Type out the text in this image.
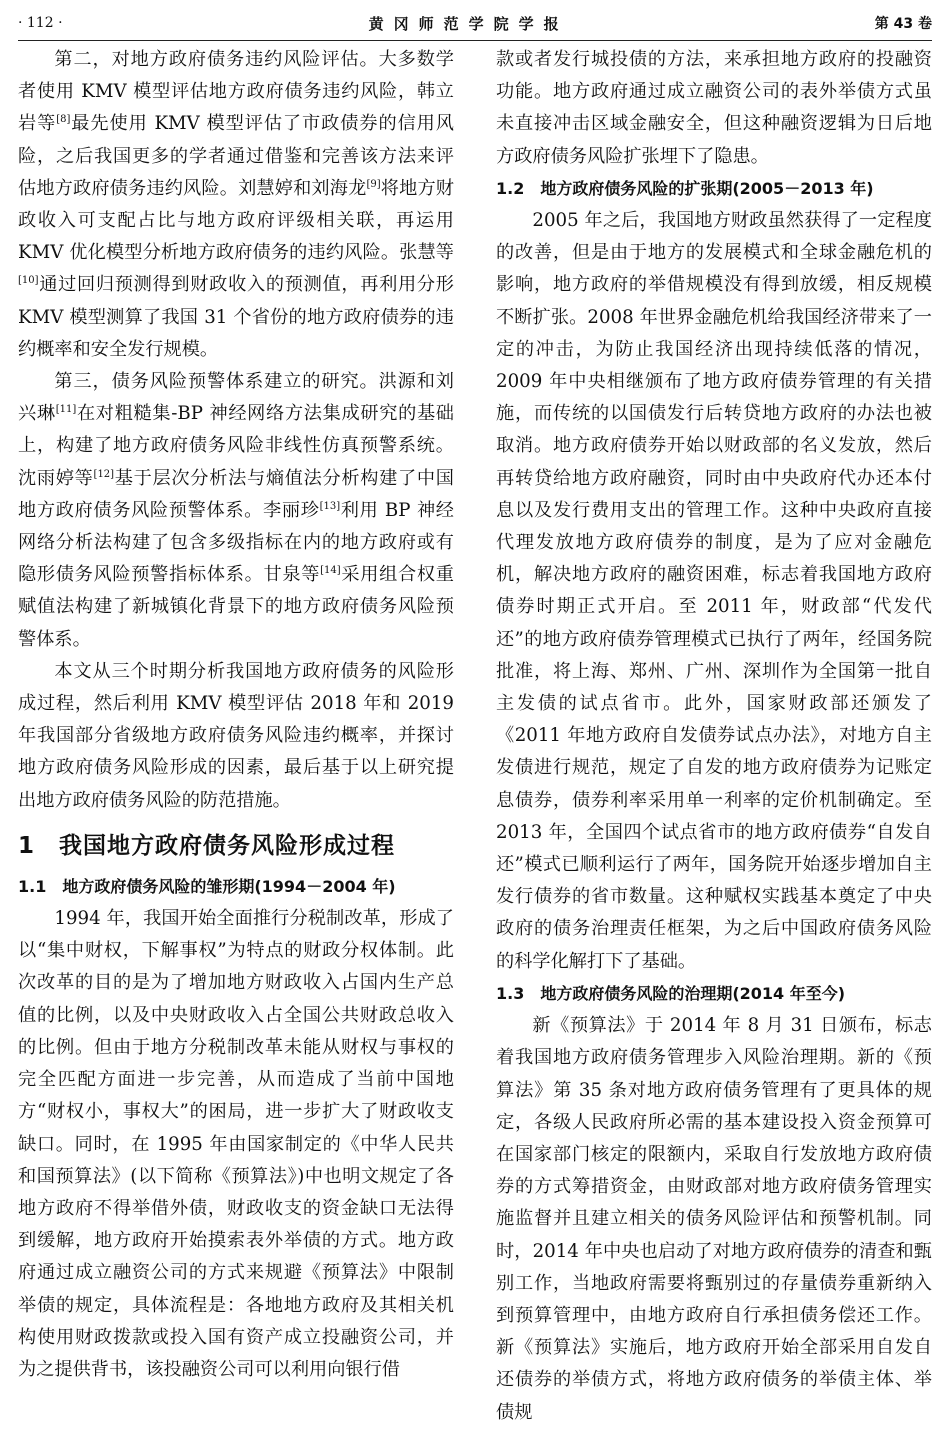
· 112 ·	黄冈师范学院学报	第 43 卷

第二，对地方政府债务违约风险评估。大多数学者使用 KMV 模型评估地方政府债务违约风险，韩立岩等[8]最先使用 KMV 模型评估了市政债券的信用风险，之后我国更多的学者通过借鉴和完善该方法来评估地方政府债务违约风险。刘慧婷和刘海龙[9]将地方财政收入可支配占比与地方政府评级相关联，再运用 KMV 优化模型分析地方政府债务的违约风险。张慧等[10]通过回归预测得到财政收入的预测值，再利用分形 KMV 模型测算了我国 31 个省份的地方政府债券的违约概率和安全发行规模。

第三，债务风险预警体系建立的研究。洪源和刘兴琳[11]在对粗糙集-BP 神经网络方法集成研究的基础上，构建了地方政府债务风险非线性仿真预警系统。沈雨婷等[12]基于层次分析法与熵值法分析构建了中国地方政府债务风险预警体系。李丽珍[13]利用 BP 神经网络分析法构建了包含多级指标在内的地方政府或有隐形债务风险预警指标体系。甘泉等[14]采用组合权重赋值法构建了新城镇化背景下的地方政府债务风险预警体系。

本文从三个时期分析我国地方政府债务的风险形成过程，然后利用 KMV 模型评估 2018 年和 2019 年我国部分省级地方政府债务风险违约概率，并探讨地方政府债务风险形成的因素，最后基于以上研究提出地方政府债务风险的防范措施。

1　我国地方政府债务风险形成过程
1.1　地方政府债务风险的雏形期(1994－2004 年)

1994 年，我国开始全面推行分税制改革，形成了以“集中财权，下解事权”为特点的财政分权体制。此次改革的目的是为了增加地方财政收入占国内生产总值的比例，以及中央财政收入占全国公共财政总收入的比例。但由于地方分税制改革未能从财权与事权的完全匹配方面进一步完善，从而造成了当前中国地方“财权小，事权大”的困局，进一步扩大了财政收支缺口。同时，在 1995 年由国家制定的《中华人民共和国预算法》(以下简称《预算法》)中也明文规定了各地方政府不得举借外债，财政收支的资金缺口无法得到缓解，地方政府开始摸索表外举债的方式。地方政府通过成立融资公司的方式来规避《预算法》中限制举债的规定，具体流程是：各地地方政府及其相关机构使用财政拨款或投入国有资产成立投融资公司，并为之提供背书，该投融资公司可以利用向银行借

款或者发行城投债的方法，来承担地方政府的投融资功能。地方政府通过成立融资公司的表外举债方式虽未直接冲击区域金融安全，但这种融资逻辑为日后地方政府债务风险扩张埋下了隐患。

1.2　地方政府债务风险的扩张期(2005－2013 年)

2005 年之后，我国地方财政虽然获得了一定程度的改善，但是由于地方的发展模式和全球金融危机的影响，地方政府的举借规模没有得到放缓，相反规模不断扩张。2008 年世界金融危机给我国经济带来了一定的冲击，为防止我国经济出现持续低落的情况，2009 年中央相继颁布了地方政府债券管理的有关措施，而传统的以国债发行后转贷地方政府的办法也被取消。地方政府债券开始以财政部的名义发放，然后再转贷给地方政府融资，同时由中央政府代办还本付息以及发行费用支出的管理工作。这种中央政府直接代理发放地方政府债券的制度，是为了应对金融危机，解决地方政府的融资困难，标志着我国地方政府债券时期正式开启。至 2011 年，财政部“代发代还”的地方政府债券管理模式已执行了两年，经国务院批准，将上海、郑州、广州、深圳作为全国第一批自主发债的试点省市。此外，国家财政部还颁发了《2011 年地方政府自发债券试点办法》，对地方自主发债进行规范，规定了自发的地方政府债券为记账定息债券，债券利率采用单一利率的定价机制确定。至 2013 年，全国四个试点省市的地方政府债券“自发自还”模式已顺利运行了两年，国务院开始逐步增加自主发行债券的省市数量。这种赋权实践基本奠定了中央政府的债务治理责任框架，为之后中国政府债务风险的科学化解打下了基础。

1.3　地方政府债务风险的治理期(2014 年至今)

新《预算法》于 2014 年 8 月 31 日颁布，标志着我国地方政府债务管理步入风险治理期。新的《预算法》第 35 条对地方政府债务管理有了更具体的规定，各级人民政府所必需的基本建设投入资金预算可在国家部门核定的限额内，采取自行发放地方政府债券的方式筹措资金，由财政部对地方政府债务管理实施监督并且建立相关的债务风险评估和预警机制。同时，2014 年中央也启动了对地方政府债券的清查和甄别工作，当地政府需要将甄别过的存量债券重新纳入到预算管理中，由地方政府自行承担债务偿还工作。新《预算法》实施后，地方政府开始全部采用自发自还债券的举债方式，将地方政府债务的举债主体、举债规
